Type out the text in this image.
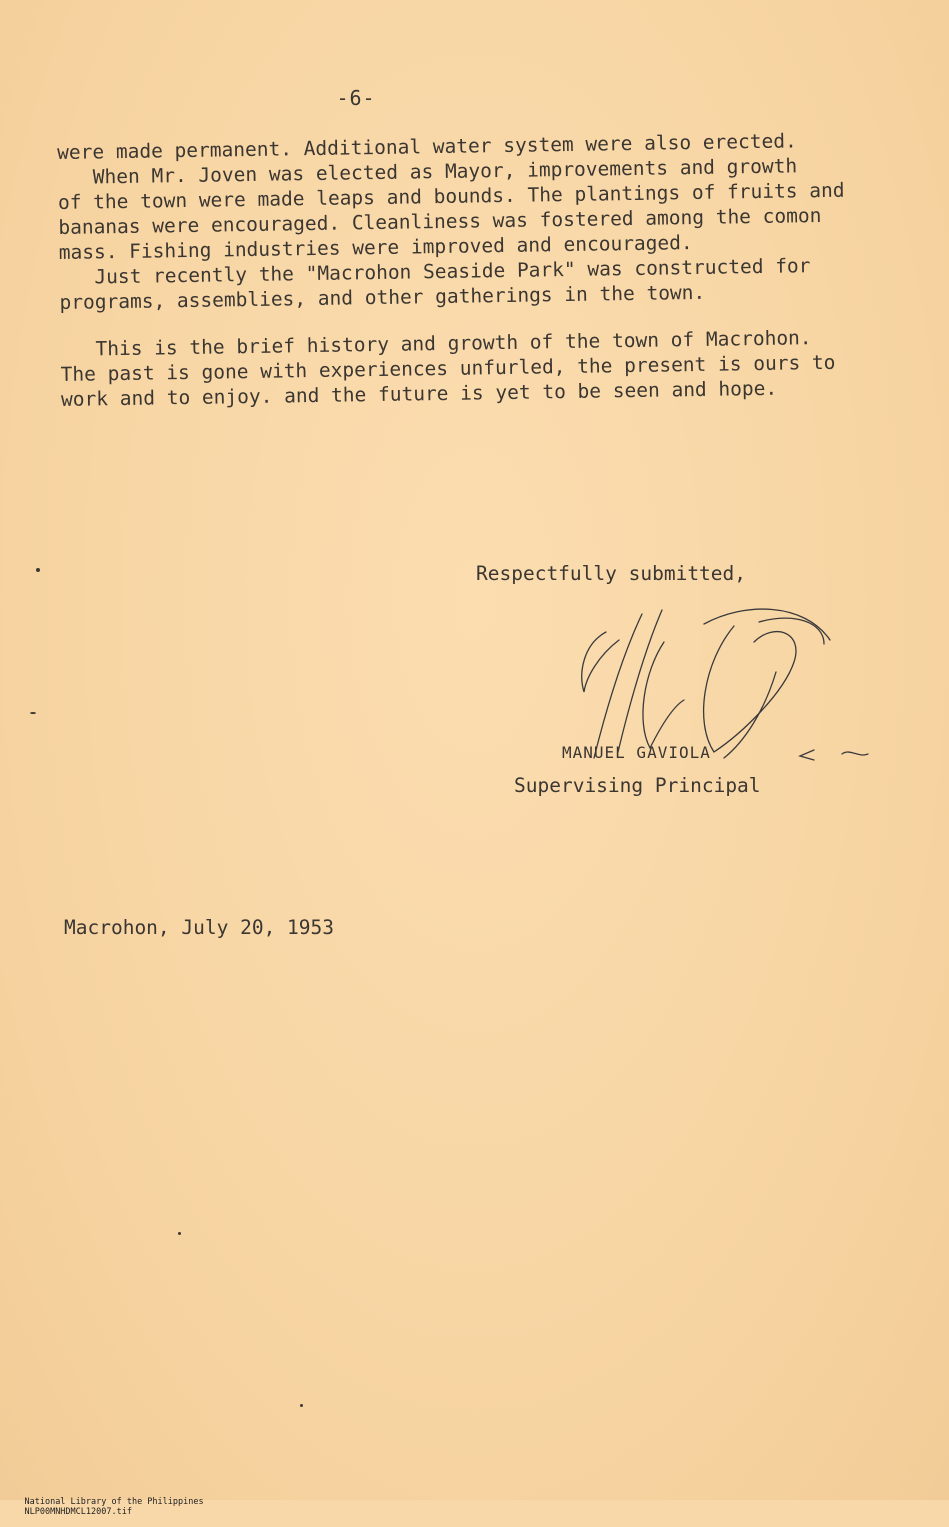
-6-
were made permanent. Additional water system were also erected.
When Mr. Joven was elected as Mayor, improvements and growth
of the town were made leaps and bounds. The plantings of fruits and
bananas were encouraged. Cleanliness was fostered among the comon
mass. Fishing industries were improved and encouraged.
Just recently the "Macrohon Seaside Park" was constructed for
programs, assemblies, and other gatherings in the town.
This is the brief history and growth of the town of Macrohon.
The past is gone with experiences unfurled, the present is ours to
work and to enjoy. and the future is yet to be seen and hope.
Respectfully submitted,
MANUEL GAVIOLA
Supervising Principal
Macrohon, July 20, 1953

National Library of the Philippines
NLP00MNHDMCL12007.tif
